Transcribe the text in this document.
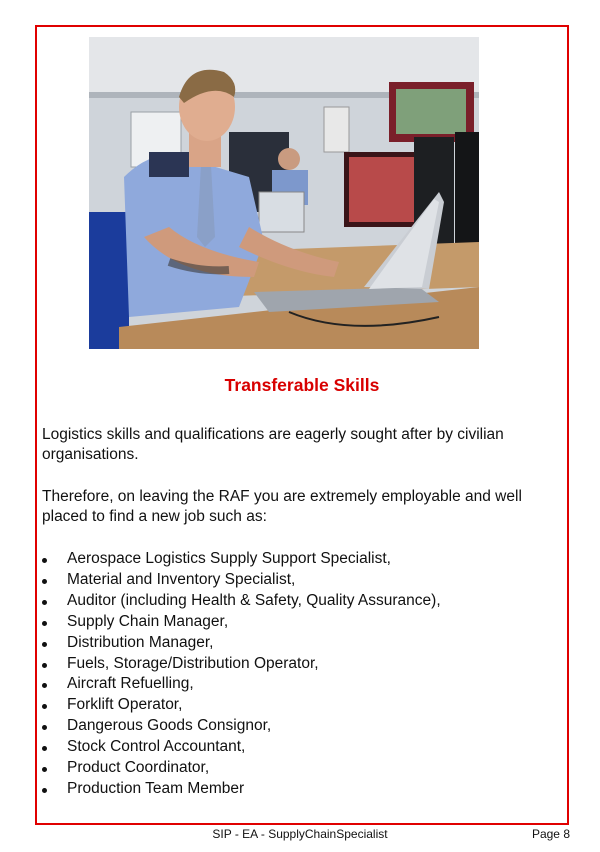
Transferable Skills

Logistics skills and qualifications are eagerly sought after by civilian organisations.

Therefore, on leaving the RAF you are extremely employable and well placed to find a new job such as:

Aerospace Logistics Supply Support Specialist,
Material and Inventory Specialist,
Auditor (including Health & Safety, Quality Assurance),
Supply Chain Manager,
Distribution Manager,
Fuels, Storage/Distribution Operator,
Aircraft Refuelling,
Forklift Operator,
Dangerous Goods Consignor,
Stock Control Accountant,
Product Coordinator,
Production Team Member
SIP - EA - SupplyChainSpecialist	Page 8
